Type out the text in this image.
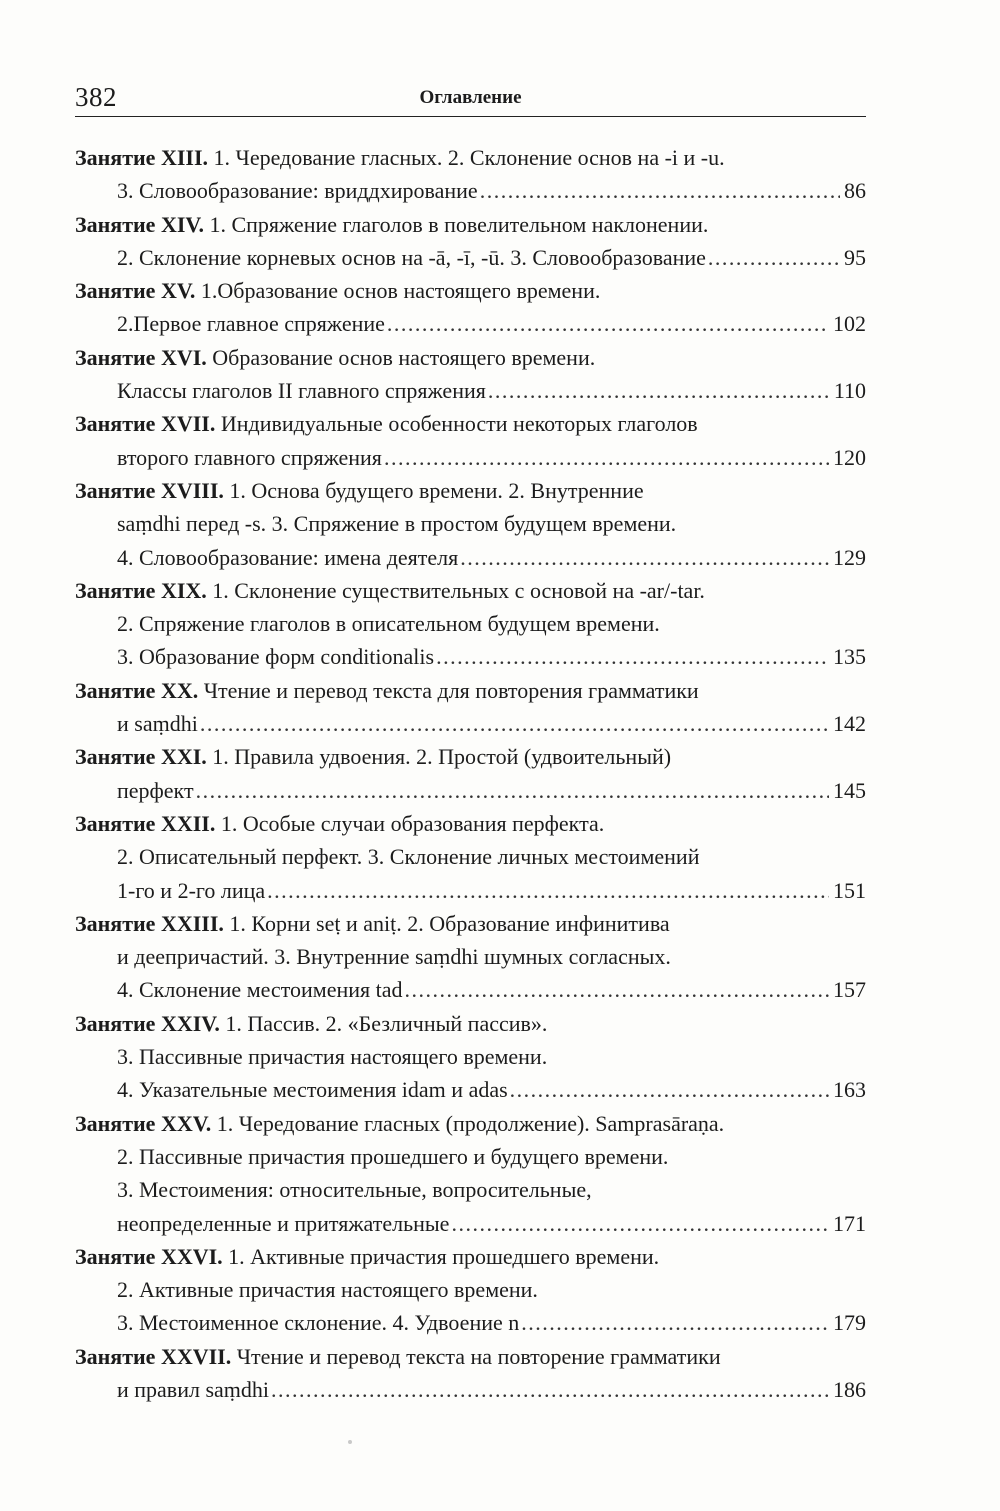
382	Оглавление
Занятие XIII. 1. Чередование гласных. 2. Склонение основ на -i и -u.
3. Словообразование: вриддхирование . . .	86
Занятие XIV. 1. Спряжение глаголов в повелительном наклонении.
2. Склонение корневых основ на -ā, -ī, -ū. 3. Словообразование . . .	95
Занятие XV. 1.Образование основ настоящего времени.
2.Первое главное спряжение . . .	102
Занятие XVI. Образование основ настоящего времени.
Классы глаголов II главного спряжения . . .	110
Занятие XVII. Индивидуальные особенности некоторых глаголов
второго главного спряжения . . .	120
Занятие XVIII. 1. Основа будущего времени. 2. Внутренние
saṃdhi перед -s. 3. Спряжение в простом будущем времени.
4. Словообразование: имена деятеля . . .	129
Занятие XIX. 1. Склонение существительных с основой на -ar/-tar.
2. Спряжение глаголов в описательном будущем времени.
3. Образование форм conditionalis . . .	135
Занятие XX. Чтение и перевод текста для повторения грамматики
и saṃdhi . . .	142
Занятие XXI. 1. Правила удвоения. 2. Простой (удвоительный)
перфект . . .	145
Занятие XXII. 1. Особые случаи образования перфекта.
2. Описательный перфект. 3. Склонение личных местоимений
1-го и 2-го лица . . .	151
Занятие XXIII. 1. Корни seṭ и aniṭ. 2. Образование инфинитива
и деепричастий. 3. Внутренние saṃdhi шумных согласных.
4. Склонение местоимения tad . . .	157
Занятие XXIV. 1. Пассив. 2. «Безличный пассив».
3. Пассивные причастия настоящего времени.
4. Указательные местоимения idam и adas . . .	163
Занятие XXV. 1. Чередование гласных (продолжение). Samprasāraṇa.
2. Пассивные причастия прошедшего и будущего времени.
3. Местоимения: относительные, вопросительные,
неопределенные и притяжательные . . .	171
Занятие XXVI. 1. Активные причастия прошедшего времени.
2. Активные причастия настоящего времени.
3. Местоименное склонение. 4. Удвоение n . . .	179
Занятие XXVII. Чтение и перевод текста на повторение грамматики
и правил saṃdhi . . .	186
